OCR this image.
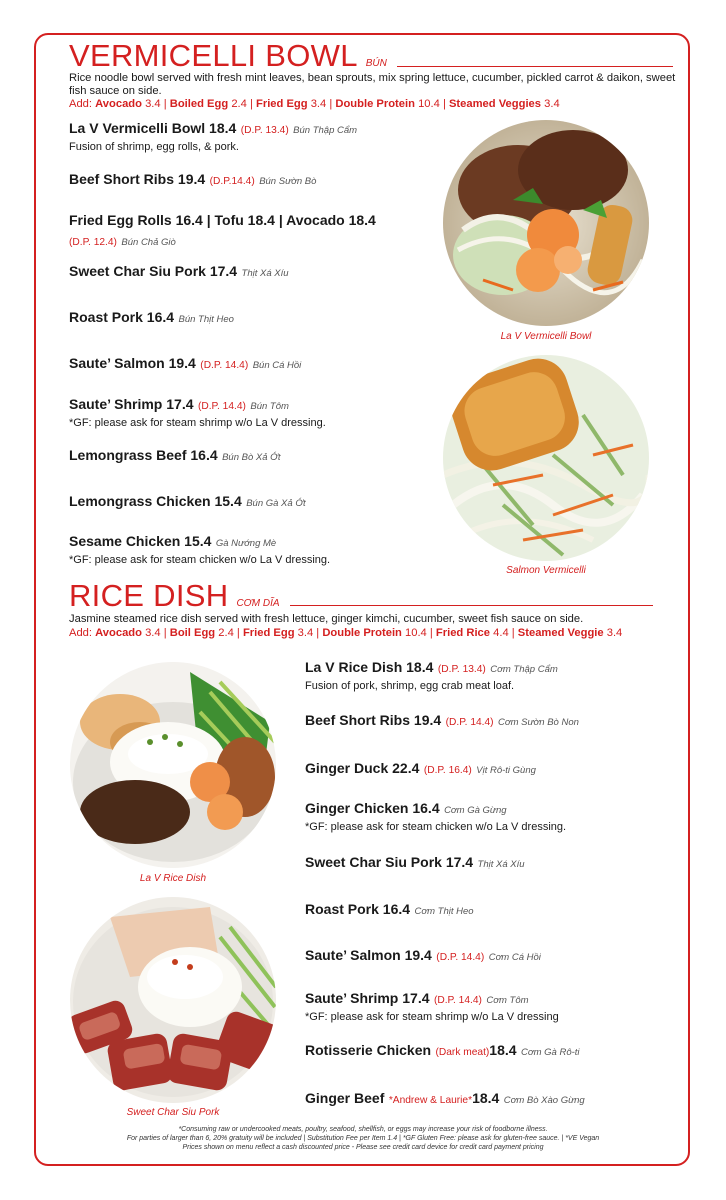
VERMICELLI BOWL BÚN
Rice noodle bowl served with fresh mint leaves, bean sprouts, mix spring lettuce, cucumber, pickled carrot & daikon, sweet fish sauce on side.
Add: Avocado 3.4 | Boiled Egg 2.4 | Fried Egg 3.4 | Double Protein 10.4 | Steamed Veggies 3.4
La V Vermicelli Bowl 18.4 (D.P. 13.4) Bún Thập Cẩm
Fusion of shrimp, egg rolls, & pork.
Beef Short Ribs 19.4 (D.P.14.4) Bún Sườn Bò
Fried Egg Rolls 16.4 | Tofu 18.4 | Avocado 18.4
(D.P. 12.4) Bún Chả Giò
Sweet Char Siu Pork 17.4 Thịt Xá Xíu
Roast Pork 16.4 Bún Thịt Heo
Saute’ Salmon 19.4 (D.P. 14.4) Bún Cá Hồi
Saute’ Shrimp 17.4 (D.P. 14.4) Bún Tôm
*GF: please ask for steam shrimp w/o La V dressing.
Lemongrass Beef 16.4 Bún Bò Xả Ớt
Lemongrass Chicken 15.4 Bún Gà Xả Ớt
Sesame Chicken 15.4 Gà Nướng Mè
*GF: please ask for steam chicken w/o La V dressing.
La V Vermicelli Bowl
Salmon Vermicelli
RICE DISH CƠM DĨA
Jasmine steamed rice dish served with fresh lettuce, ginger kimchi, cucumber, sweet fish sauce on side.
Add: Avocado 3.4 | Boil Egg 2.4 | Fried Egg 3.4 | Double Protein 10.4 | Fried Rice 4.4 | Steamed Veggie 3.4
La V Rice Dish 18.4 (D.P. 13.4) Cơm Thập Cẩm
Fusion of pork, shrimp, egg crab meat loaf.
Beef Short Ribs 19.4 (D.P. 14.4) Cơm Sườn Bò Non
Ginger Duck 22.4 (D.P. 16.4) Vịt Rô-ti Gùng
Ginger Chicken 16.4 Cơm Gà Gừng
*GF: please ask for steam chicken w/o La V dressing.
Sweet Char Siu Pork 17.4 Thịt Xá Xíu
Roast Pork 16.4 Cơm Thịt Heo
Saute’ Salmon 19.4 (D.P. 14.4) Cơm Cá Hồi
Saute’ Shrimp 17.4 (D.P. 14.4) Cơm Tôm
*GF: please ask for steam shrimp w/o La V dressing
Rotisserie Chicken (Dark meat)18.4 Cơm Gà Rô-ti
Ginger Beef *Andrew & Laurie*18.4 Cơm Bò Xào Gừng
La V Rice Dish
Sweet Char Siu Pork
*Consuming raw or undercooked meats, poultry, seafood, shellfish, or eggs may increase your risk of foodborne illness.
For parties of larger than 6, 20% gratuity will be included | Substitution Fee per Item 1.4 | *GF Gluten Free: please ask for gluten-free sauce. | *VE Vegan
Prices shown on menu reflect a cash discounted price - Please see credit card device for credit card payment pricing
